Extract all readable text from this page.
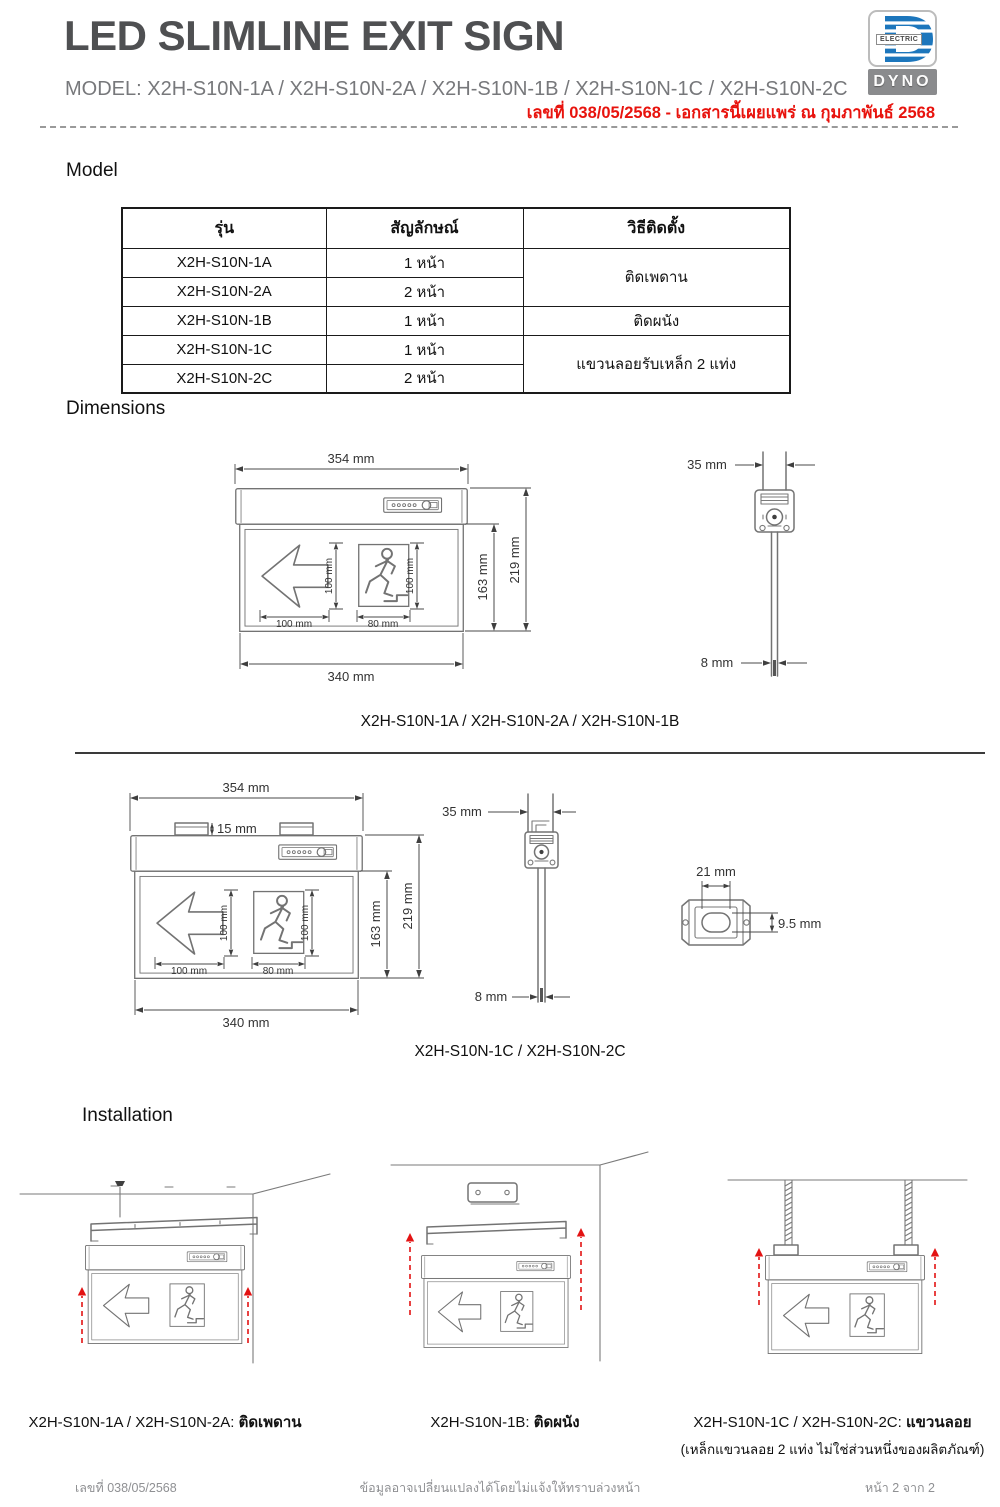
LED SLIMLINE EXIT SIGN
MODEL: X2H-S10N-1A / X2H-S10N-2A / X2H-S10N-1B / X2H-S10N-1C / X2H-S10N-2C
เลขที่ 038/05/2568 - เอกสารนี้เผยแพร่ ณ กุมภาพันธ์ 2568
ELECTRIC
DYNO
Model
รุ่น	สัญลักษณ์	วิธีติดตั้ง
X2H-S10N-1A	1 หน้า	ติดเพดาน
X2H-S10N-2A	2 หน้า	
X2H-S10N-1B	1 หน้า	ติดผนัง
X2H-S10N-1C	1 หน้า	แขวนลอยรับเหล็ก 2 แท่ง
X2H-S10N-2C	2 หน้า	
Dimensions
354 mm
163 mm 219 mm
340 mm
100 mm
100 mm
100 mm
80 mm
35 mm
8 mm
X2H-S10N-1A / X2H-S10N-2A / X2H-S10N-1B
354 mm
15 mm
163 mm 219 mm
340 mm
100 mm
100 mm
100 mm
80 mm
35 mm
8 mm
21 mm
9.5 mm
X2H-S10N-1C / X2H-S10N-2C
Installation
X2H-S10N-1A / X2H-S10N-2A: ติดเพดาน	X2H-S10N-1B: ติดผนัง	X2H-S10N-1C / X2H-S10N-2C: แขวนลอย
(เหล็กแขวนลอย 2 แท่ง ไม่ใช่ส่วนหนึ่งของผลิตภัณฑ์)
เลขที่ 038/05/2568	ข้อมูลอาจเปลี่ยนแปลงได้โดยไม่แจ้งให้ทราบล่วงหน้า	หน้า 2 จาก 2
